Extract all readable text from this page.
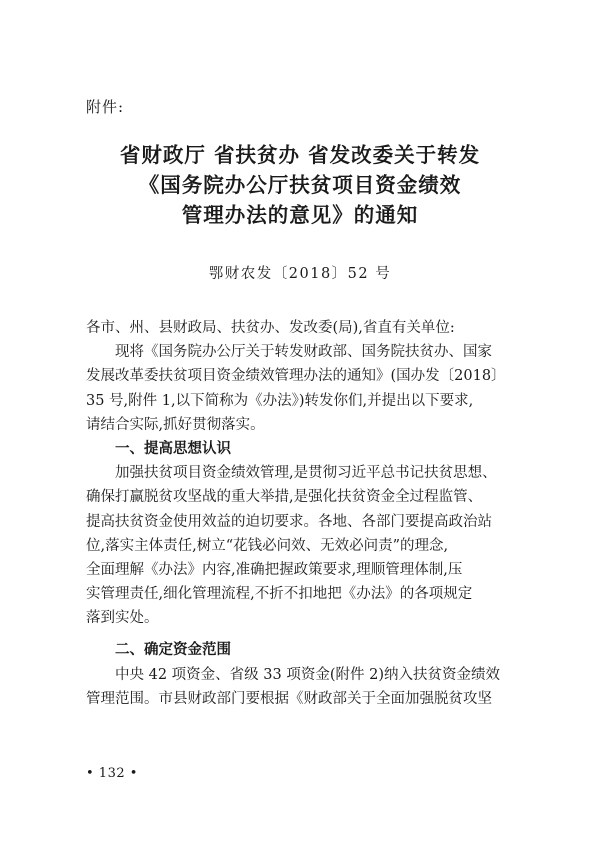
附件:
省财政厅 省扶贫办 省发改委关于转发
《国务院办公厅扶贫项目资金绩效
管理办法的意见》的通知
鄂财农发〔2018〕52 号
各市、州、县财政局、扶贫办、发改委(局),省直有关单位:
现将《国务院办公厅关于转发财政部、国务院扶贫办、国家
发展改革委扶贫项目资金绩效管理办法的通知》(国办发〔2018〕
35 号,附件 1,以下简称为《办法》)转发你们,并提出以下要求,
请结合实际,抓好贯彻落实。
一、提高思想认识
加强扶贫项目资金绩效管理,是贯彻习近平总书记扶贫思想、
确保打赢脱贫攻坚战的重大举措,是强化扶贫资金全过程监管、
提高扶贫资金使用效益的迫切要求。各地、各部门要提高政治站
位,落实主体责任,树立“花钱必问效、无效必问责”的理念,
全面理解《办法》内容,准确把握政策要求,理顺管理体制,压
实管理责任,细化管理流程,不折不扣地把《办法》的各项规定
落到实处。
二、确定资金范围
中央 42 项资金、省级 33 项资金(附件 2)纳入扶贫资金绩效
管理范围。市县财政部门要根据《财政部关于全面加强脱贫攻坚
• 132 •
